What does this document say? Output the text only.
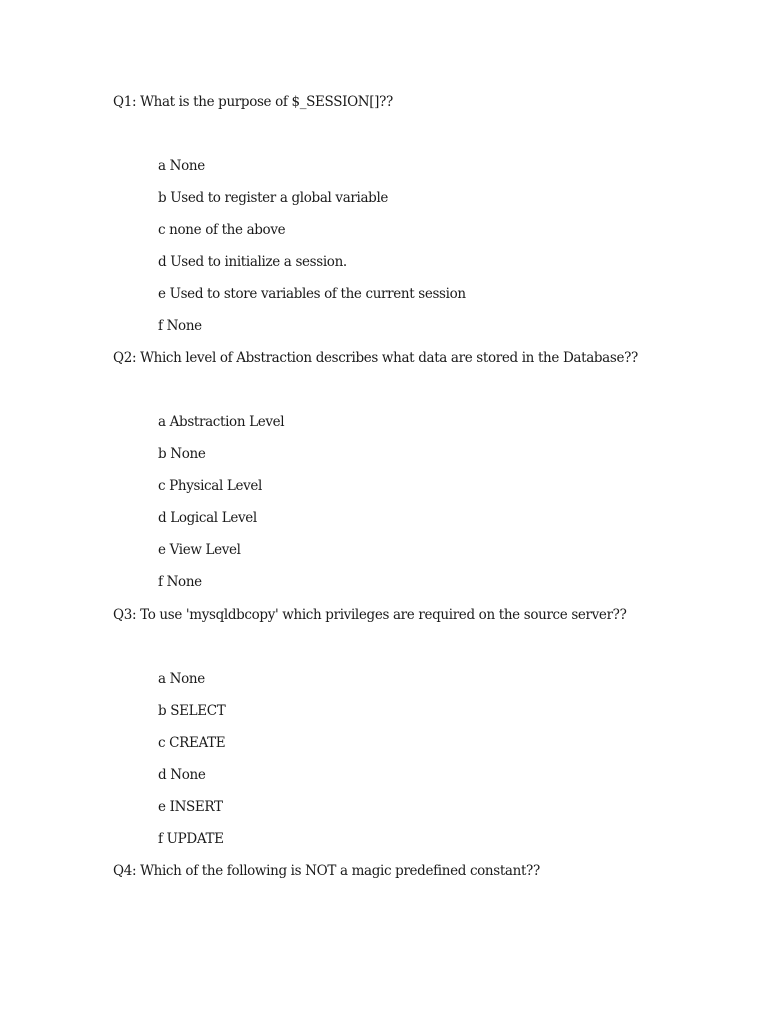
Q1: What is the purpose of $_SESSION[]??
a None
b Used to register a global variable
c none of the above
d Used to initialize a session.
e Used to store variables of the current session
f None
Q2: Which level of Abstraction describes what data are stored in the Database??
a Abstraction Level
b None
c Physical Level
d Logical Level
e View Level
f None
Q3: To use 'mysqldbcopy' which privileges are required on the source server??
a None
b SELECT
c CREATE
d None
e INSERT
f UPDATE
Q4: Which of the following is NOT a magic predefined constant??
